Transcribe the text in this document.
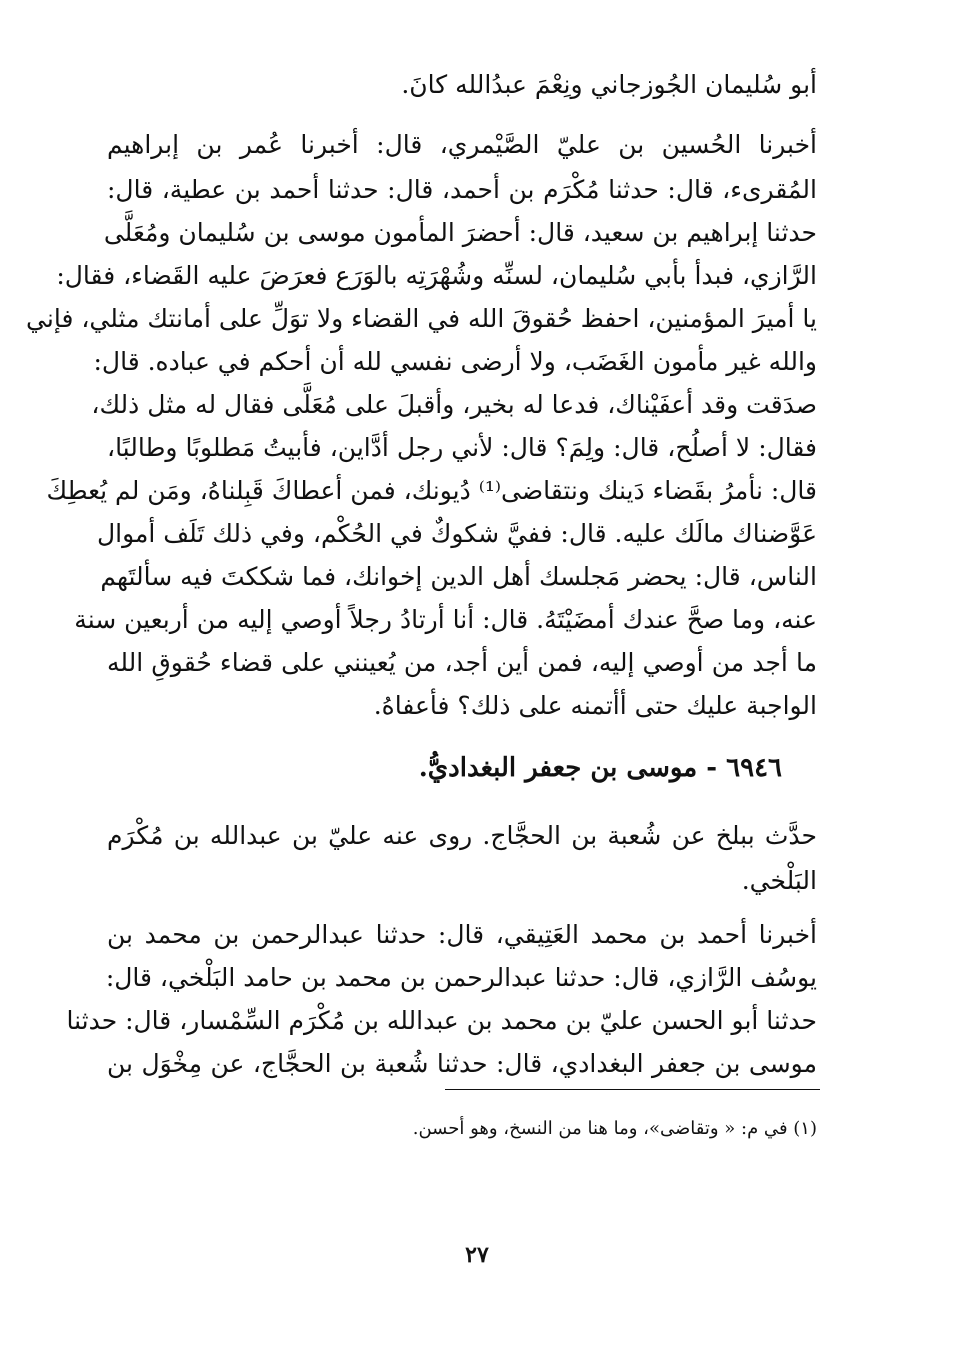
أبو سُليمان الجُوزجاني ونِعْمَ عبدُالله كانَ.
أخبرنا الحُسين بن عليّ الصَّيْمري، قال: أخبرنا عُمر بن إبراهيم
المُقرىء، قال: حدثنا مُكْرَم بن أحمد، قال: حدثنا أحمد بن عطية، قال:
حدثنا إبراهيم بن سعيد، قال: أحضرَ المأمون موسى بن سُليمان ومُعَلَّى
الرَّازي، فبدأ بأبي سُليمان، لسنِّه وشُهْرَتِه بالوَرَع فعرَضَ عليه القَضاء، فقال:
يا أميرَ المؤمنين، احفظ حُقوقَ الله في القضاء ولا توَلِّ على أمانتك مثلي، فإني
والله غير مأمون الغَضَب، ولا أرضى نفسي لله أن أحكم في عباده. قال:
صدَقت وقد أعفَيْناك، فدعا له بخير، وأقبلَ على مُعَلَّى فقال له مثل ذلك،
فقال: لا أصلُح، قال: ولِمَ؟ قال: لأني رجل أدَّاين، فأبيتُ مَطلوبًا وطالبًا،
قال: نأمرُ بقَضاء دَينك ونتقاضى⁽¹⁾ دُيونك، فمن أعطاكَ قَبِلناهُ، ومَن لم يُعطِكَ
عَوَّضناك مالَك عليه. قال: ففيَّ شكوكٌ في الحُكْم، وفي ذلك تَلَف أموال
الناس، قال: يحضر مَجلسك أهل الدين إخوانك، فما شككتَ فيه سألتَهم
عنه، وما صحَّ عندك أمضَيْتَهُ. قال: أنا أرتادُ رجلاً أوصي إليه من أربعين سنة
ما أجد من أوصي إليه، فمن أين أجد، من يُعينني على قضاء حُقوقِ الله
الواجبة عليك حتى أأتمنه على ذلك؟ فأعفاهُ.
٦٩٤٦ - موسى بن جعفر البغداديُّ.
حدَّث ببلخ عن شُعبة بن الحجَّاج. روى عنه عليّ بن عبدالله بن مُكْرَم
البَلْخي.
أخبرنا أحمد بن محمد العَتِيقي، قال: حدثنا عبدالرحمن بن محمد بن
يوسُف الرَّازي، قال: حدثنا عبدالرحمن بن محمد بن حامد البَلْخي، قال:
حدثنا أبو الحسن عليّ بن محمد بن عبدالله بن مُكْرَم السِّمْسار، قال: حدثنا
موسى بن جعفر البغدادي، قال: حدثنا شُعبة بن الحجَّاج، عن مِخْوَل بن
(١) في م: « وتقاضى»، وما هنا من النسخ، وهو أحسن.
٢٧
